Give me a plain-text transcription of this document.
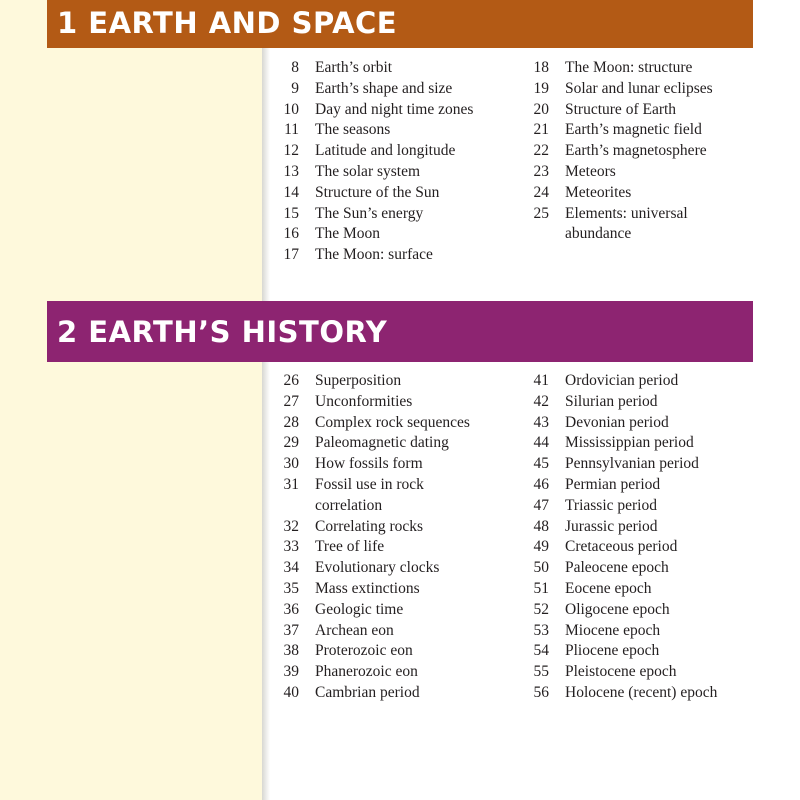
1 EARTH AND SPACE
8 Earth’s orbit
9 Earth’s shape and size
10 Day and night time zones
11 The seasons
12 Latitude and longitude
13 The solar system
14 Structure of the Sun
15 The Sun’s energy
16 The Moon
17 The Moon: surface
18 The Moon: structure
19 Solar and lunar eclipses
20 Structure of Earth
21 Earth’s magnetic field
22 Earth’s magnetosphere
23 Meteors
24 Meteorites
25 Elements: universal
abundance
2 EARTH’S HISTORY
26 Superposition
27 Unconformities
28 Complex rock sequences
29 Paleomagnetic dating
30 How fossils form
31 Fossil use in rock
correlation
32 Correlating rocks
33 Tree of life
34 Evolutionary clocks
35 Mass extinctions
36 Geologic time
37 Archean eon
38 Proterozoic eon
39 Phanerozoic eon
40 Cambrian period
41 Ordovician period
42 Silurian period
43 Devonian period
44 Mississippian period
45 Pennsylvanian period
46 Permian period
47 Triassic period
48 Jurassic period
49 Cretaceous period
50 Paleocene epoch
51 Eocene epoch
52 Oligocene epoch
53 Miocene epoch
54 Pliocene epoch
55 Pleistocene epoch
56 Holocene (recent) epoch
